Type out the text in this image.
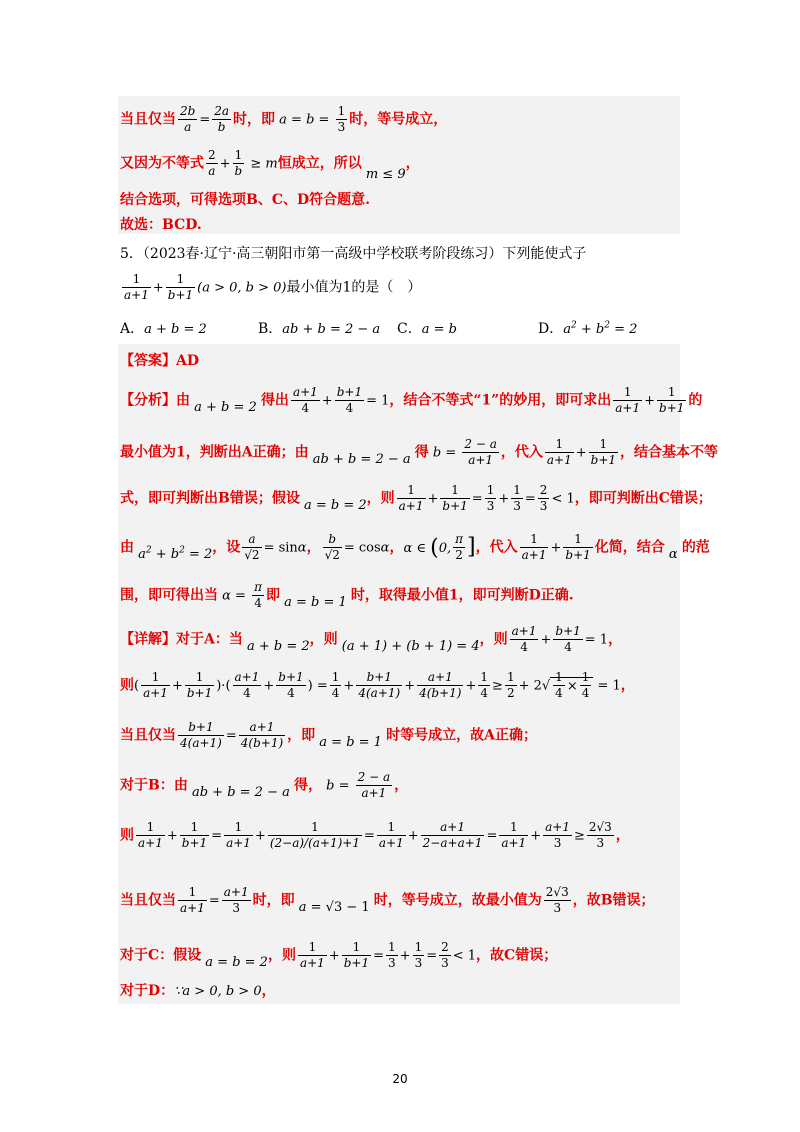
当且仅当 $\frac{2b}{a} = \frac{2a}{b}$ 时，即 $a = b = \frac{1}{3}$ 时，等号成立，
又因为不等式 $\frac{2}{a} + \frac{1}{b} \ge m$恒成立，所以 m ≤ 9，
结合选项，可得选项B、C、D符合题意.
故选：BCD.
5．（2023春·辽宁·高三朝阳市第一高级中学校联考阶段练习）下列能使式子
$\frac{1}{a+1} + \frac{1}{b+1} (a > 0$, b > 0)最小值为1的是（　）
A．a + b = 2	B．ab + b = 2 − a C．a = b	D．$a^2 + b^2 = 2$
【答案】AD
【分析】由 a + b = 2 得出 $\frac{a+1}{4} + \frac{b+1}{4} = 1$，结合不等式“1”的妙用，即可求出 $\frac{1}{a+1} + \frac{1}{b+1}$ 的
最小值为1，判断出A正确；由 ab + b = 2 − a 得 $b = \frac{2 - a}{a+1}$ ，代入 $\frac{1}{a+1} + \frac{1}{b+1}$ ，结合基本不等
式，即可判断出B错误；假设 a = b = 2，则 $\frac{1}{a+1} + \frac{1}{b+1} = \frac{1}{3} + \frac{1}{3} = \frac{2}{3} < 1$，即可判断出C错误；
由 $a^2 + b^2 = 2$，设 $\frac{a}{√2} = \sin\alpha$， $\frac{b}{√2} = \cos\alpha$，α ∈ (0, $\frac{\pi}{2}$ ]，代入 $\frac{1}{a+1} + \frac{1}{b+1}$ 化简，结合 α 的范
围，即可得出当 $\alpha = \frac{\pi}{4}$ 即 a = b = 1 时，取得最小值1，即可判断D正确.
【详解】对于A：当 a + b = 2，则 (a + 1) + (b + 1) = 4，则 $\frac{a+1}{4} + \frac{b+1}{4} = 1$，
则( $\frac{1}{a+1} + \frac{1}{b+1}$ )·( $\frac{a+1}{4} + \frac{b+1}{4}$ ) = $\frac{1}{4} + \frac{b+1}{4(a+1)} + \frac{a+1}{4(b+1)} + \frac{1}{4} \ge \frac{1}{2} + 2√ \frac{1}{4} \times \frac{1}{4} = 1$，
当且仅当 $\frac{b+1}{4(a+1)} = \frac{a+1}{4(b+1)}$ ，即 a = b = 1 时等号成立，故A正确；
对于B：由 ab + b = 2 − a 得， $b = \frac{2 - a}{a+1}$ ，
则 $\frac{1}{a+1} + \frac{1}{b+1} = \frac{1}{a+1} + \frac{1}{(2-a)/(a+1)+1} = \frac{1}{a+1} + \frac{a+1}{2-a+a+1} = \frac{1}{a+1} + \frac{a+1}{3} \ge \frac{2√3}{3}$ ，
当且仅当 $\frac{1}{a+1} = \frac{a+1}{3}$ 时，即 a = √3 − 1 时，等号成立，故最小值为 $\frac{2√3}{3}$ ，故B错误；
对于C：假设 a = b = 2，则 $\frac{1}{a+1} + \frac{1}{b+1} = \frac{1}{3} + \frac{1}{3} = \frac{2}{3} < 1$，故C错误；
对于D：∵a > 0, b > 0，
20
